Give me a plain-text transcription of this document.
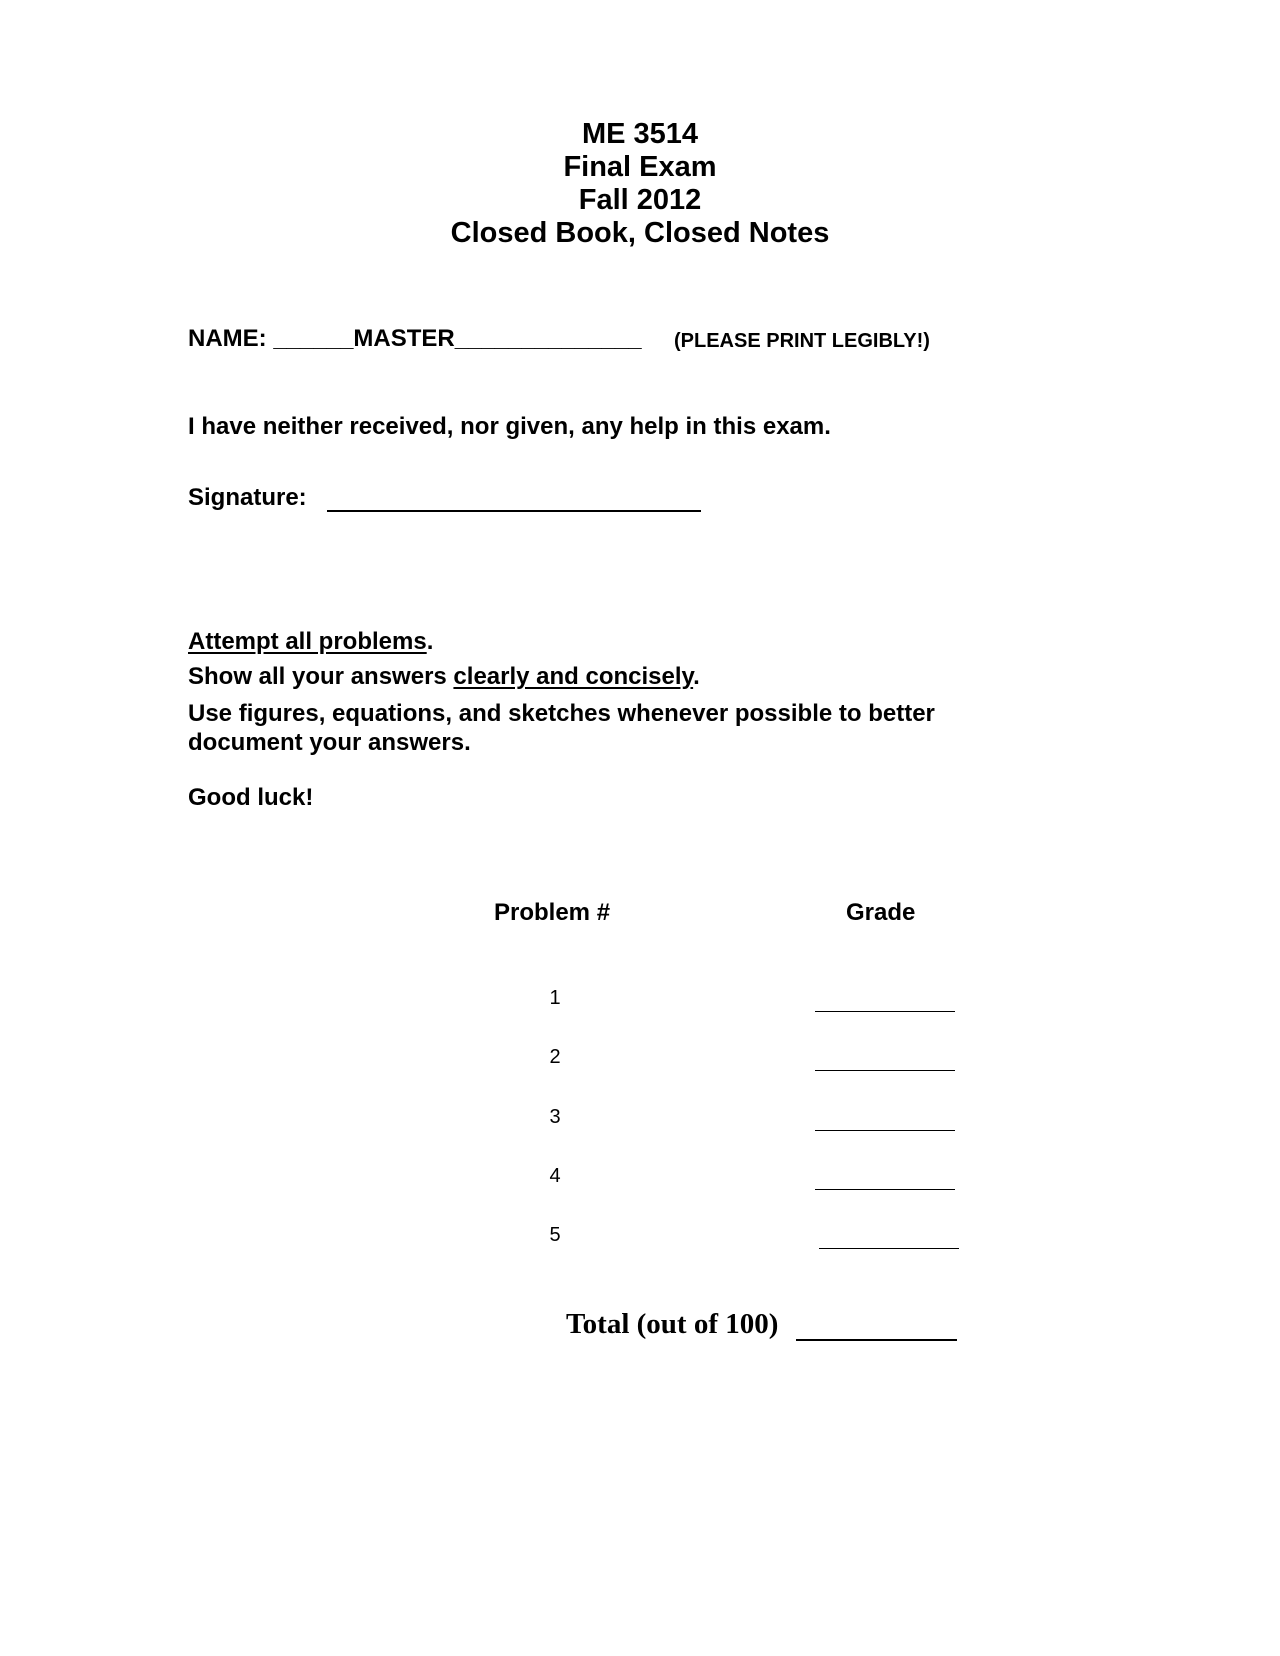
ME 3514
Final Exam
Fall 2012
Closed Book, Closed Notes
NAME: ______MASTER______________ (PLEASE PRINT LEGIBLY!)
I have neither received, nor given, any help in this exam.
Signature:
Attempt all problems.
Show all your answers clearly and concisely.
Use figures, equations, and sketches whenever possible to better document your answers.
Good luck!
Problem #	Grade
1
2
3
4
5
Total (out of 100)
